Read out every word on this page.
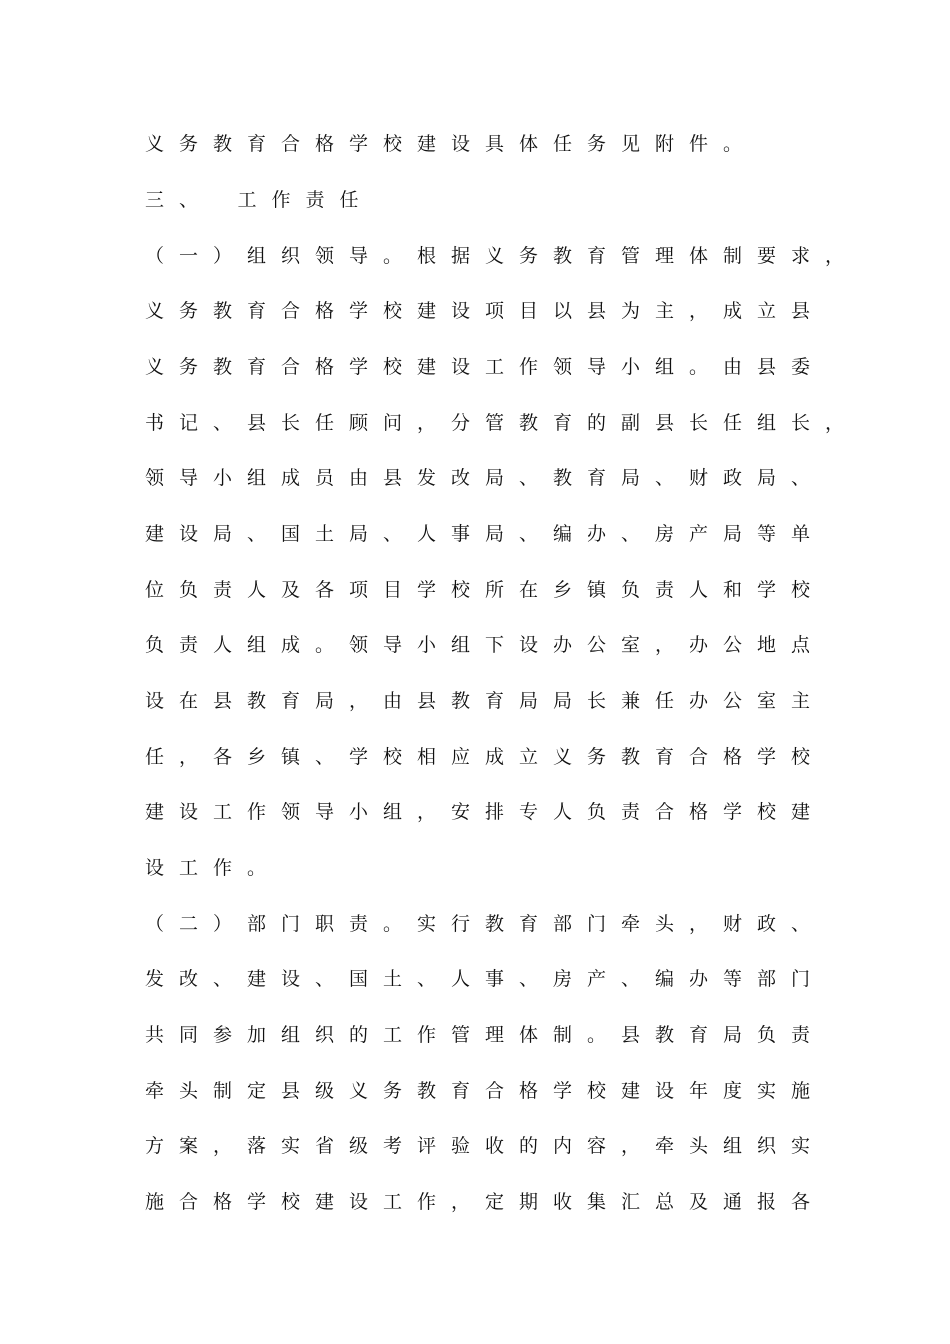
义务教育合格学校建设具体任务见附件。
三、　工作责任
（一）组织领导。根据义务教育管理体制要求，
义务教育合格学校建设项目以县为主，成立县
义务教育合格学校建设工作领导小组。由县委
书记、县长任顾问，分管教育的副县长任组长，
领导小组成员由县发改局、教育局、财政局、
建设局、国土局、人事局、编办、房产局等单
位负责人及各项目学校所在乡镇负责人和学校
负责人组成。领导小组下设办公室，办公地点
设在县教育局，由县教育局局长兼任办公室主
任，各乡镇、学校相应成立义务教育合格学校
建设工作领导小组，安排专人负责合格学校建
设工作。
（二）部门职责。实行教育部门牵头，财政、
发改、建设、国土、人事、房产、编办等部门
共同参加组织的工作管理体制。县教育局负责
牵头制定县级义务教育合格学校建设年度实施
方案，落实省级考评验收的内容，牵头组织实
施合格学校建设工作，定期收集汇总及通报各
